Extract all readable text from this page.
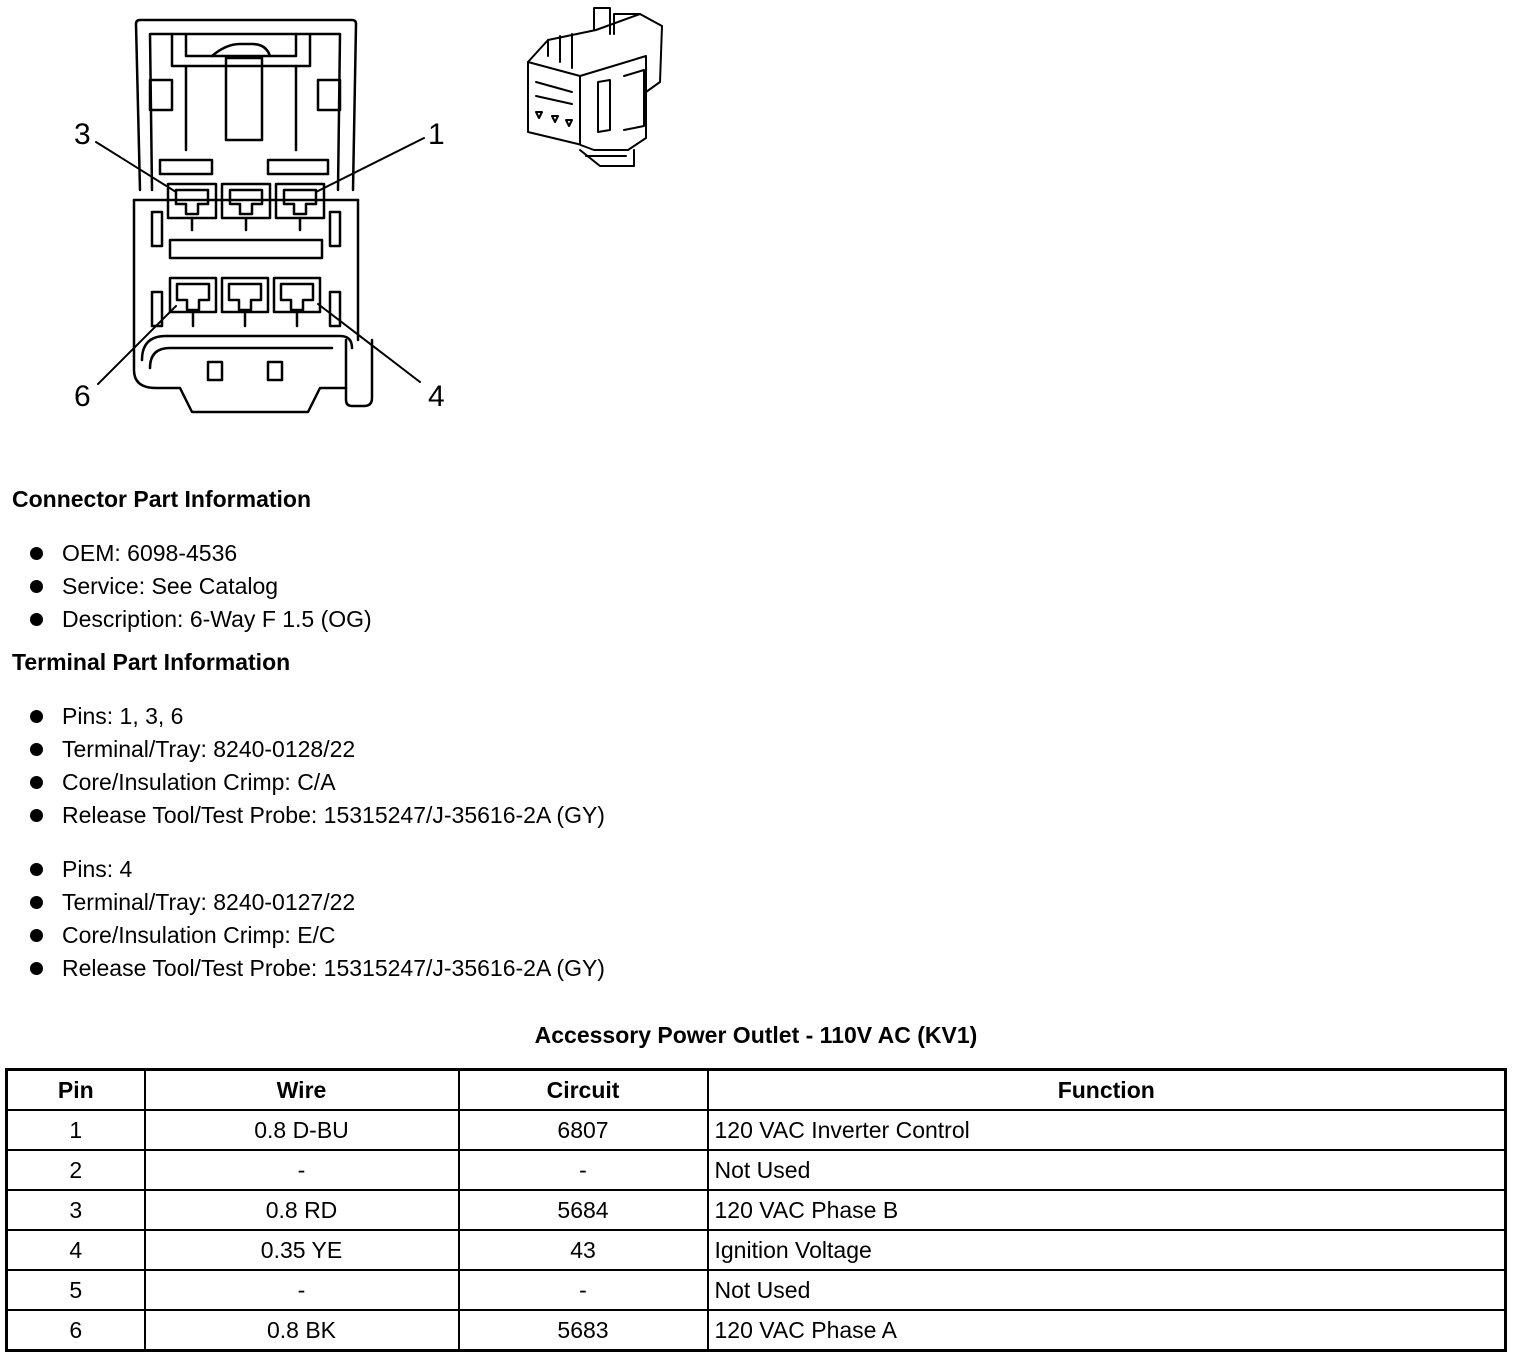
3	1
6	4
Connector Part Information
OEM: 6098-4536
Service: See Catalog
Description: 6-Way F 1.5 (OG)
Terminal Part Information
Pins: 1, 3, 6
Terminal/Tray: 8240-0128/22
Core/Insulation Crimp: C/A
Release Tool/Test Probe: 15315247/J-35616-2A (GY)
Pins: 4
Terminal/Tray: 8240-0127/22
Core/Insulation Crimp: E/C
Release Tool/Test Probe: 15315247/J-35616-2A (GY)
Accessory Power Outlet - 110V AC (KV1)
Pin	Wire	Circuit	Function
1	0.8 D-BU	6807	120 VAC Inverter Control
2	-	-	Not Used
3	0.8 RD	5684	120 VAC Phase B
4	0.35 YE	43	Ignition Voltage
5	-	-	Not Used
6	0.8 BK	5683	120 VAC Phase A
